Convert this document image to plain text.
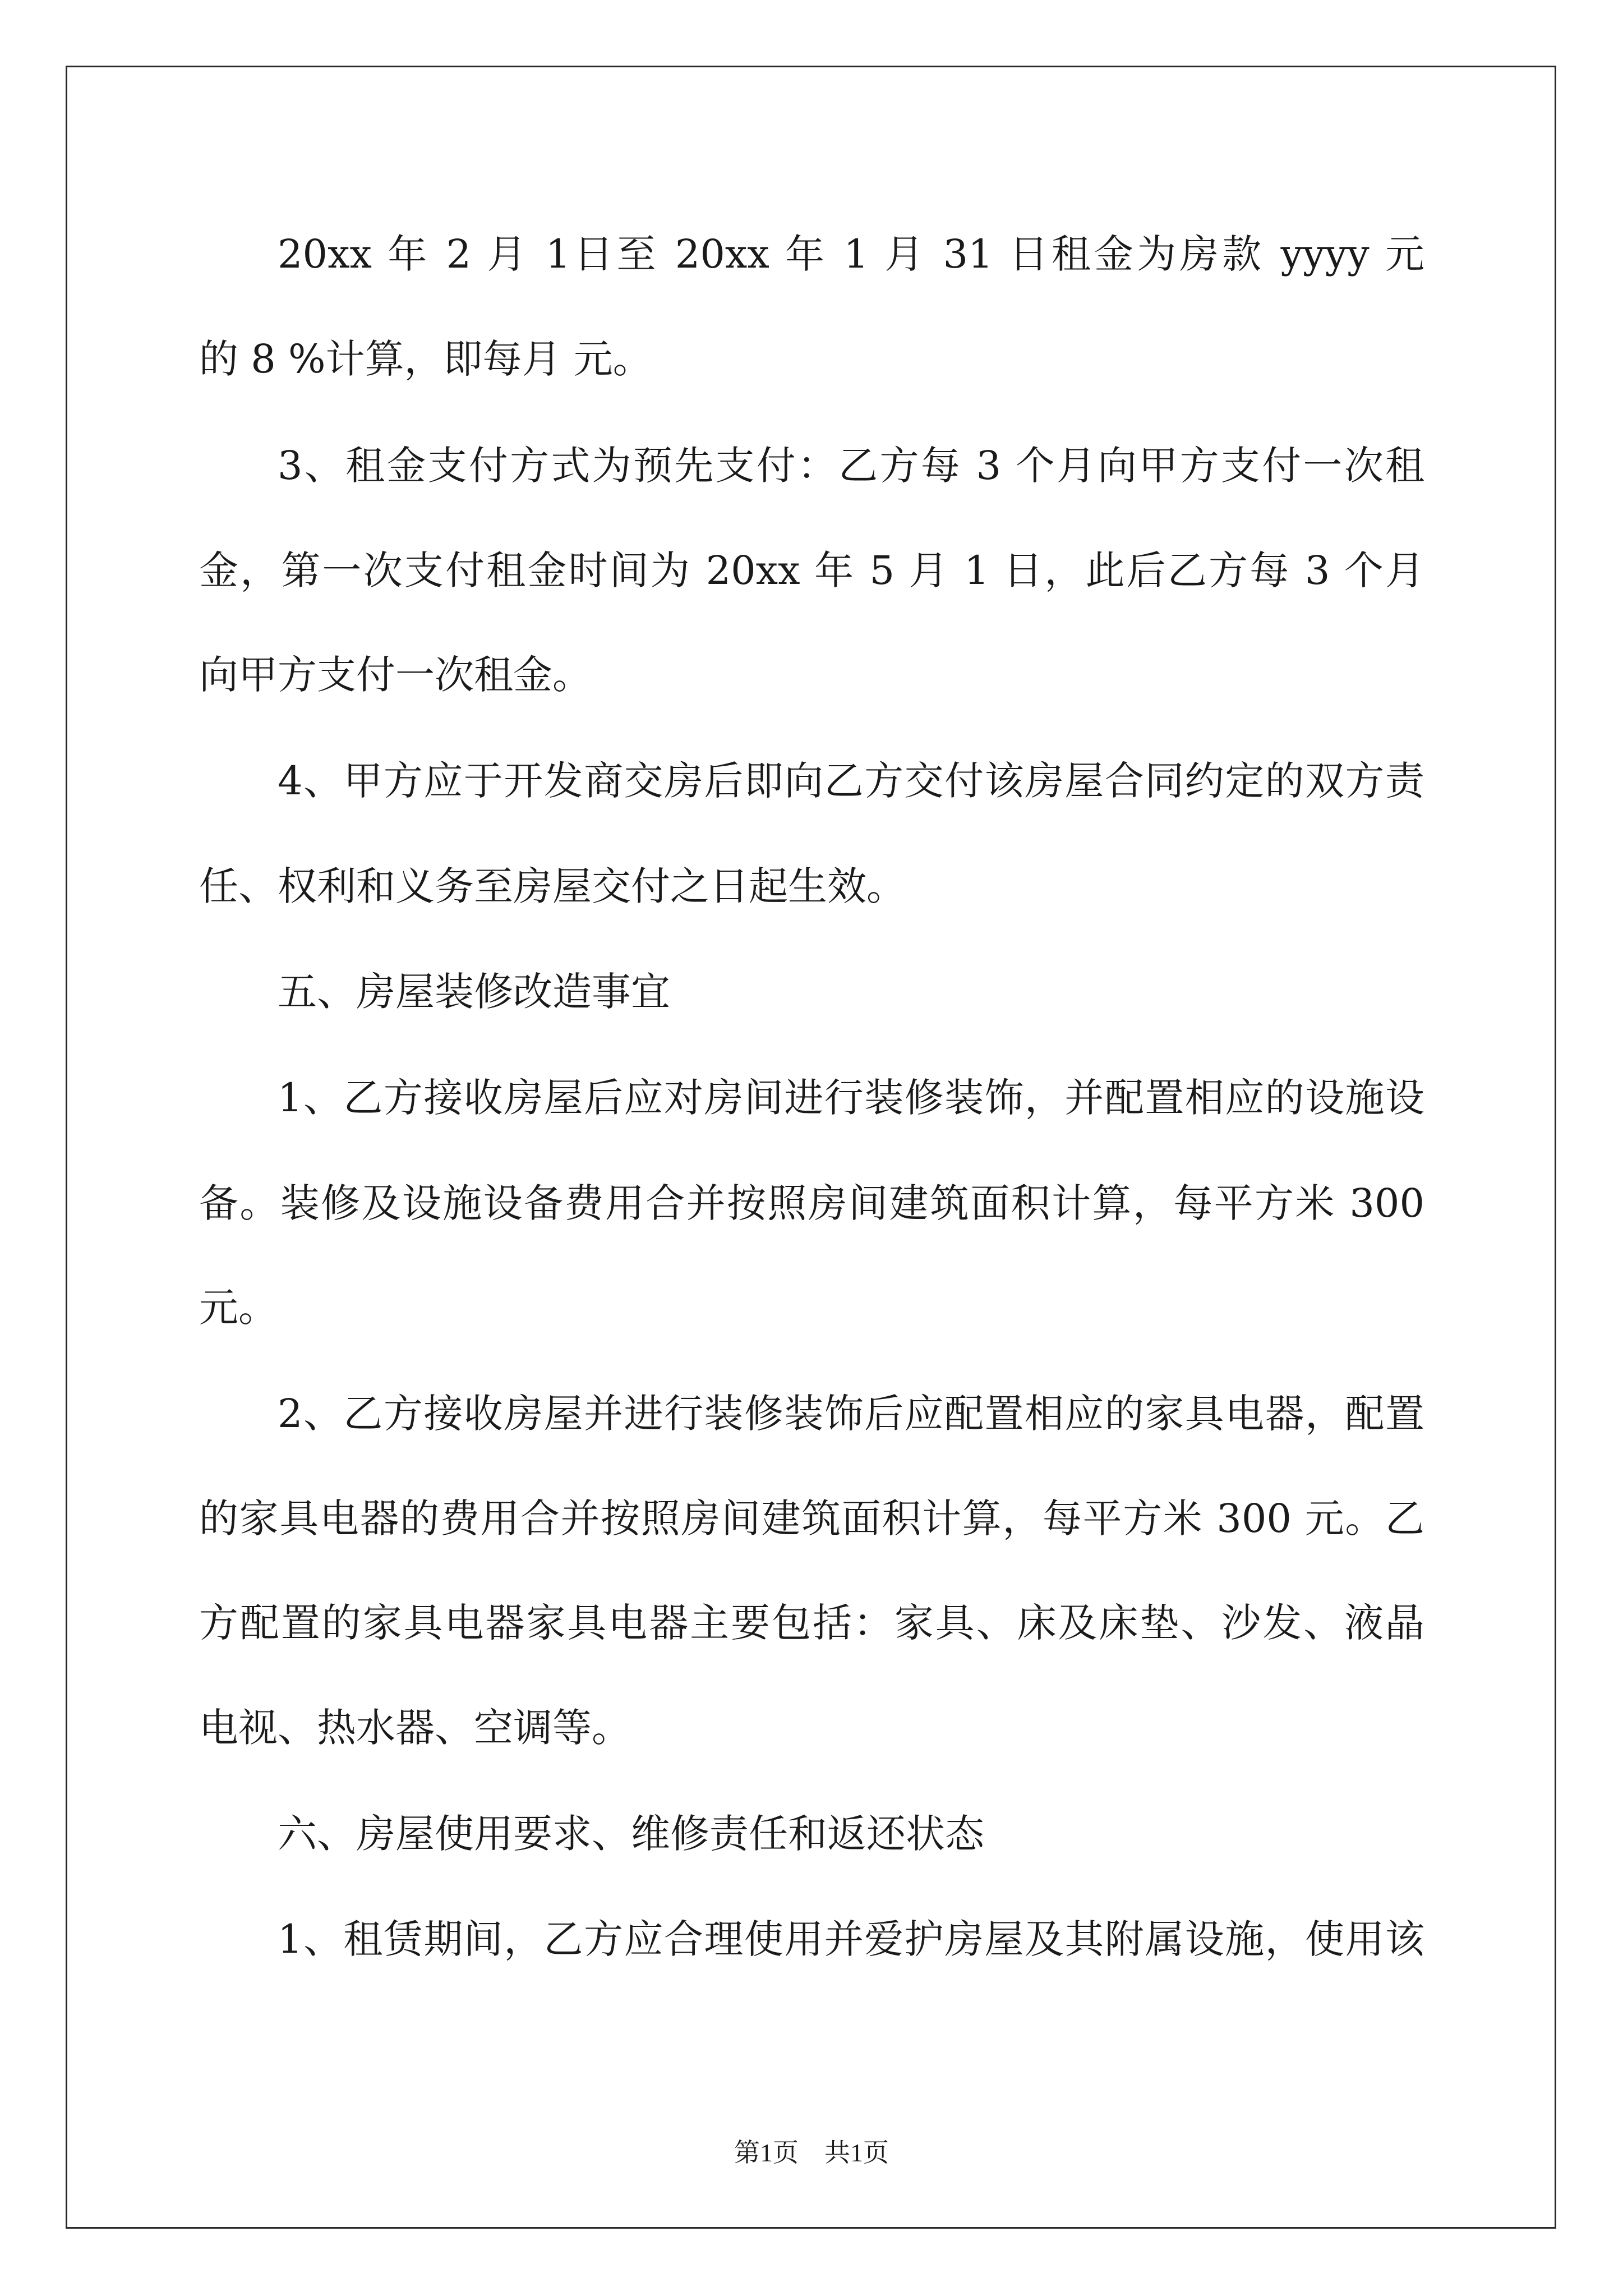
20xx 年 2 月 1日至 20xx 年 1 月 31 日租金为房款 yyyy 元
的 8 %计算，即每月 元。
3、租金支付方式为预先支付：乙方每 3 个月向甲方支付一次租
金，第一次支付租金时间为 20xx 年 5 月 1 日，此后乙方每 3 个月
向甲方支付一次租金。
4、甲方应于开发商交房后即向乙方交付该房屋合同约定的双方责
任、权利和义务至房屋交付之日起生效。
五、房屋装修改造事宜
1、乙方接收房屋后应对房间进行装修装饰，并配置相应的设施设
备。装修及设施设备费用合并按照房间建筑面积计算，每平方米 300
元。
2、乙方接收房屋并进行装修装饰后应配置相应的家具电器，配置
的家具电器的费用合并按照房间建筑面积计算，每平方米 300 元。乙
方配置的家具电器家具电器主要包括：家具、床及床垫、沙发、液晶
电视、热水器、空调等。
六、房屋使用要求、维修责任和返还状态
1、租赁期间，乙方应合理使用并爱护房屋及其附属设施，使用该
第1页　共1页
